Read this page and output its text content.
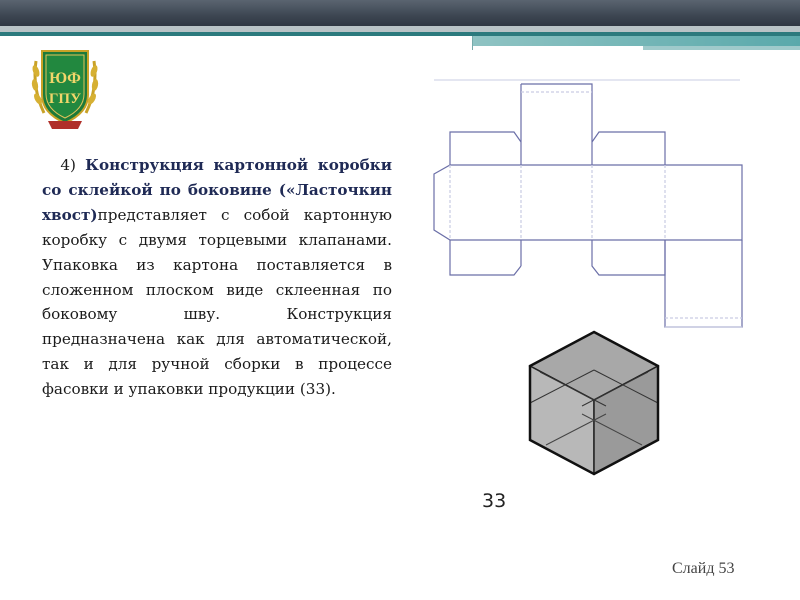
ЮФ
ГПУ
4) Конструкция картонной коробки со склейкой по боковине («Ласточкин хвост)представляет с собой картонную коробку с двумя торцевыми клапанами. Упаковка из картона поставляется в сложенном плоском виде склеенная по боковому шву. Конструкция предназначена как для автоматической, так и для ручной сборки в процессе фасовки и упаковки продукции (33).
33
Слайд 53
